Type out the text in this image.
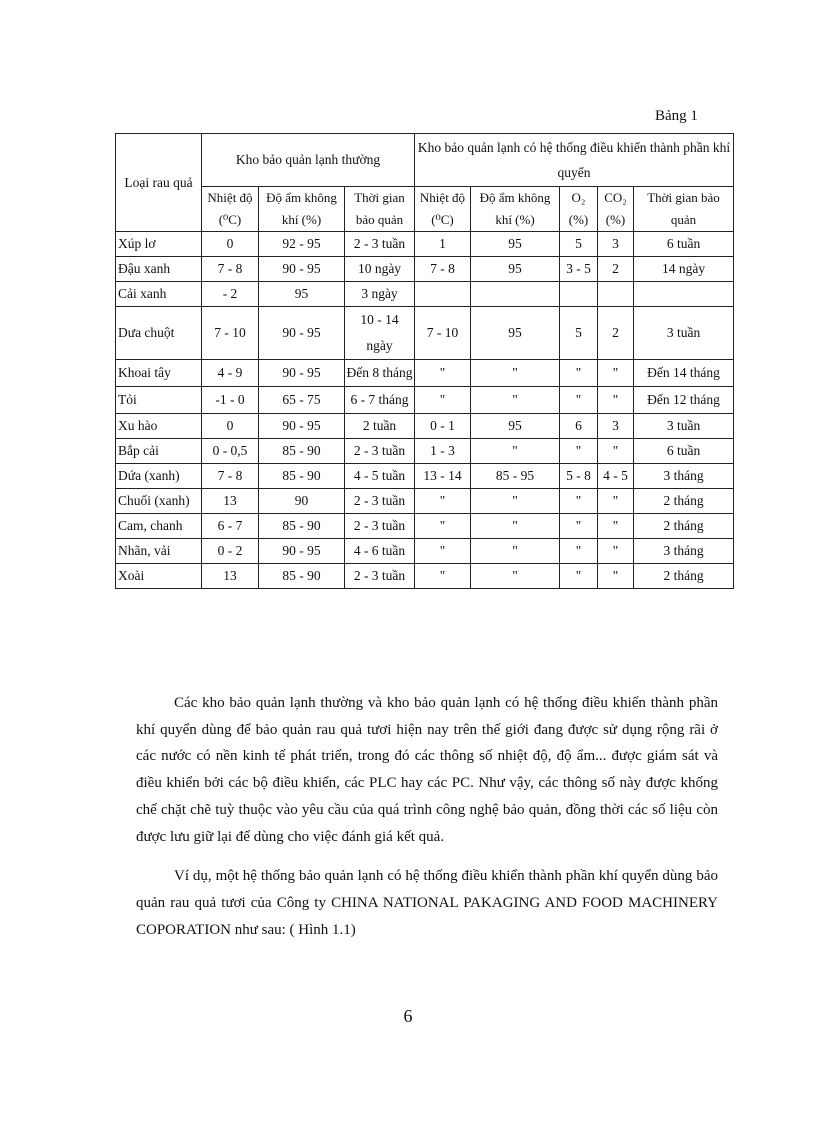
Bảng 1
Loại rau quả	Kho bảo quản lạnh thường			Kho bảo quản lạnh có hệ thống điều khiển thành phần khí quyển				
	Nhiệt độ (⁰C)	Độ ẩm không khí (%)	Thời gian bảo quản	Nhiệt độ (⁰C)	Độ ẩm không khí (%)	O₂ (%)	CO₂ (%)	Thời gian bảo quản
Xúp lơ	0	92 - 95	2 - 3 tuần	1	95	5	3	6 tuần
Đậu xanh	7 - 8	90 - 95	10 ngày	7 - 8	95	3 - 5	2	14 ngày
Cải xanh	- 2	95	3 ngày					
Dưa chuột	7 - 10	90 - 95	10 - 14 ngày	7 - 10	95	5	2	3 tuần
Khoai tây	4 - 9	90 - 95	Đến 8 tháng	"	"	"	"	Đến 14 tháng
Tỏi	-1 - 0	65 - 75	6 - 7 tháng	"	"	"	"	Đến 12 tháng
Xu hào	0	90 - 95	2 tuần	0 - 1	95	6	3	3 tuần
Bắp cải	0 - 0,5	85 - 90	2 - 3 tuần	1 - 3	"	"	"	6 tuần
Dứa (xanh)	7 - 8	85 - 90	4 - 5 tuần	13 - 14	85 - 95	5 - 8	4 - 5	3 tháng
Chuối (xanh)	13	90	2 - 3 tuần	"	"	"	"	2 tháng
Cam, chanh	6 - 7	85 - 90	2 - 3 tuần	"	"	"	"	2 tháng
Nhãn, vải	0 - 2	90 - 95	4 - 6 tuần	"	"	"	"	3 tháng
Xoài	13	85 - 90	2 - 3 tuần	"	"	"	"	2 tháng

Các kho bảo quản lạnh thường và kho bảo quản lạnh có hệ thống điều khiển thành phần khí quyển dùng để bảo quản rau quả tươi hiện nay trên thế giới đang được sử dụng rộng rãi ở các nước có nền kinh tế phát triển, trong đó các thông số nhiệt độ, độ ẩm... được giám sát và điều khiển bởi các bộ điều khiển, các PLC hay các PC. Như vậy, các thông số này được khống chế chặt chẽ tuỳ thuộc vào yêu cầu của quá trình công nghệ bảo quản, đồng thời các số liệu còn được lưu giữ lại để dùng cho việc đánh giá kết quả.

Ví dụ, một hệ thống bảo quản lạnh có hệ thống điều khiển thành phần khí quyển dùng bảo quản rau quả tươi của Công ty CHINA NATIONAL PAKAGING AND FOOD MACHINERY COPORATION như sau: ( Hình 1.1)

6
